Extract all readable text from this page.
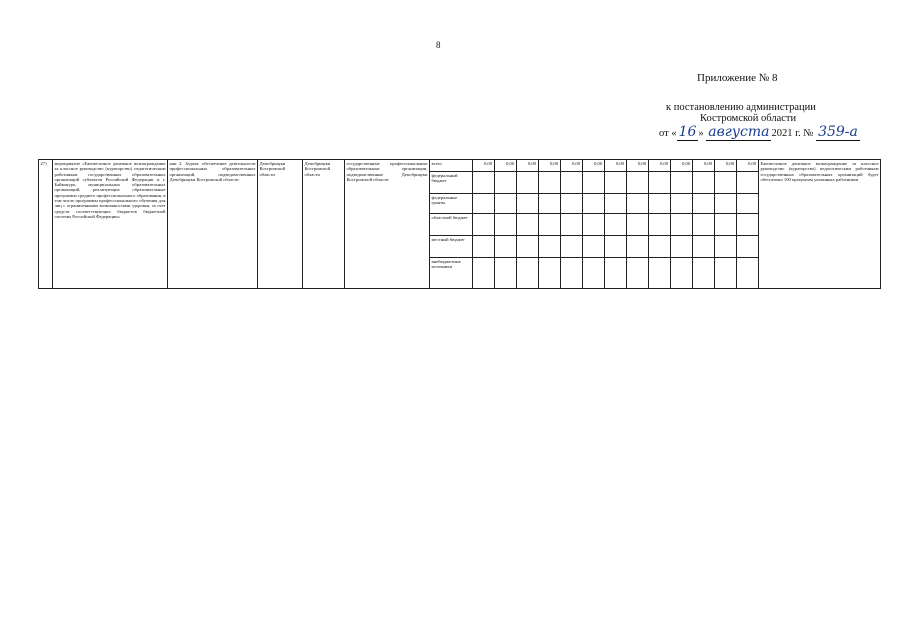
8
Приложение № 8
к постановлению администрации
Костромской области
от « 16 » августа 2021 г. № 359-а
27)	мероприятие «Ежемесячное денежное вознаграждение за классное руководство (кураторство) педагогическим работникам государственных образовательных организаций субъектов Российской Федерации и г. Байконура, муниципальных образовательных организаций, реализующих образовательные программы среднего профессионального образования, в том числе программы профессионального обучения для лиц с ограниченными возможностями здоровья, за счет средств соответствующих бюджетов бюджетной системы Российской Федерации»	анн 2. Задача: обеспечение деятельности профессиональных образовательных организаций, подведомственных Депобрнауки Костромской области	Депобрнауки Костромской области	Депобрнауки Костромской области	государственные профессиональные образовательные организации, подведомственные Депобрнауки Костромской области	всего	0,00	0,00	0,00	0,00	0,00	0,00	0,00	0,00	0,00	0,00	0,00	0,00	0,00	Ежемесячное денежное вознаграждение за классное руководство (кураторство) педагогическим работникам государственных образовательных организаций будет обеспечено 100 процентам указанных работников
						федеральный бюджет														
						федеральные гранты														
						областной бюджет														
						местный бюджет														
						внебюджетные источники														
